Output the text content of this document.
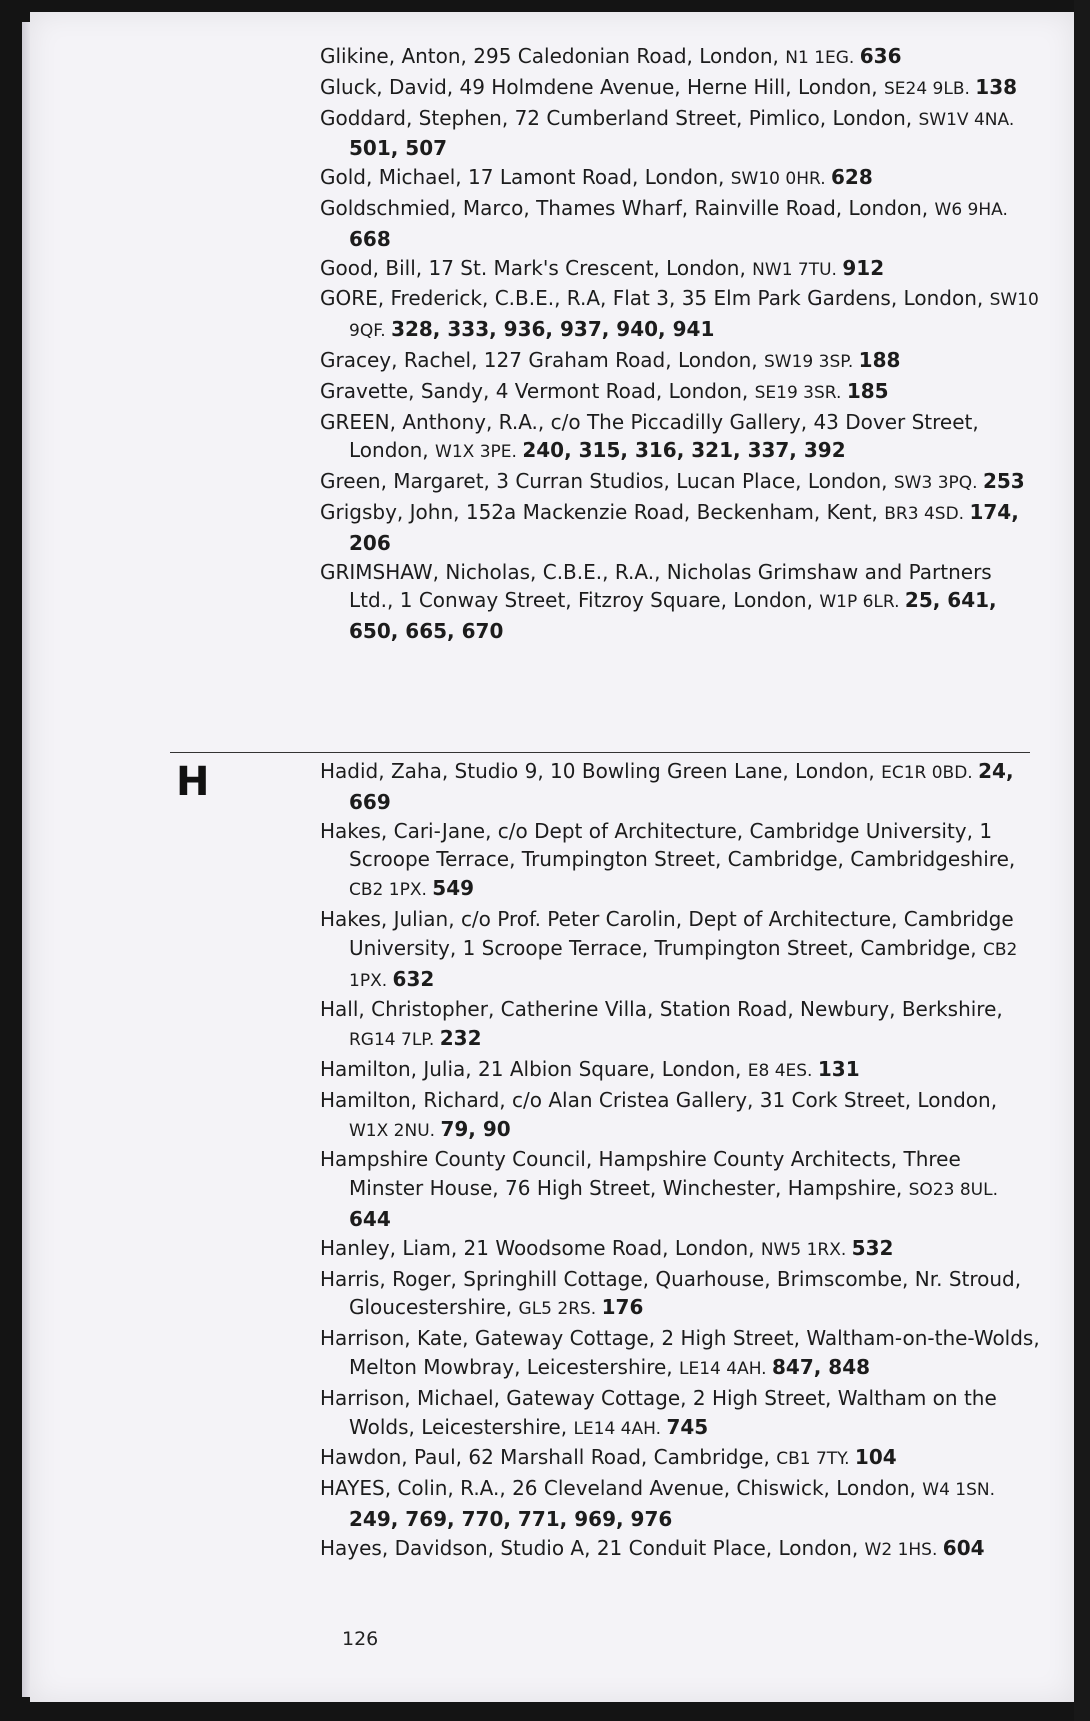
Glikine, Anton, 295 Caledonian Road, London, N1 1EG. 636
Gluck, David, 49 Holmdene Avenue, Herne Hill, London, SE24 9LB. 138
Goddard, Stephen, 72 Cumberland Street, Pimlico, London, SW1V 4NA. 501, 507
Gold, Michael, 17 Lamont Road, London, SW10 0HR. 628
Goldschmied, Marco, Thames Wharf, Rainville Road, London, W6 9HA. 668
Good, Bill, 17 St. Mark's Crescent, London, NW1 7TU. 912
GORE, Frederick, C.B.E., R.A, Flat 3, 35 Elm Park Gardens, London, SW10 9QF. 328, 333, 936, 937, 940, 941
Gracey, Rachel, 127 Graham Road, London, SW19 3SP. 188
Gravette, Sandy, 4 Vermont Road, London, SE19 3SR. 185
GREEN, Anthony, R.A., c/o The Piccadilly Gallery, 43 Dover Street, London, W1X 3PE. 240, 315, 316, 321, 337, 392
Green, Margaret, 3 Curran Studios, Lucan Place, London, SW3 3PQ. 253
Grigsby, John, 152a Mackenzie Road, Beckenham, Kent, BR3 4SD. 174, 206
GRIMSHAW, Nicholas, C.B.E., R.A., Nicholas Grimshaw and Partners Ltd., 1 Conway Street, Fitzroy Square, London, W1P 6LR. 25, 641, 650, 665, 670
H	Hadid, Zaha, Studio 9, 10 Bowling Green Lane, London, EC1R 0BD. 24, 669
Hakes, Cari-Jane, c/o Dept of Architecture, Cambridge University, 1 Scroope Terrace, Trumpington Street, Cambridge, Cambridgeshire, CB2 1PX. 549
Hakes, Julian, c/o Prof. Peter Carolin, Dept of Architecture, Cambridge University, 1 Scroope Terrace, Trumpington Street, Cambridge, CB2 1PX. 632
Hall, Christopher, Catherine Villa, Station Road, Newbury, Berkshire, RG14 7LP. 232
Hamilton, Julia, 21 Albion Square, London, E8 4ES. 131
Hamilton, Richard, c/o Alan Cristea Gallery, 31 Cork Street, London, W1X 2NU. 79, 90
Hampshire County Council, Hampshire County Architects, Three Minster House, 76 High Street, Winchester, Hampshire, SO23 8UL. 644
Hanley, Liam, 21 Woodsome Road, London, NW5 1RX. 532
Harris, Roger, Springhill Cottage, Quarhouse, Brimscombe, Nr. Stroud, Gloucestershire, GL5 2RS. 176
Harrison, Kate, Gateway Cottage, 2 High Street, Waltham-on-the-Wolds, Melton Mowbray, Leicestershire, LE14 4AH. 847, 848
Harrison, Michael, Gateway Cottage, 2 High Street, Waltham on the Wolds, Leicestershire, LE14 4AH. 745
Hawdon, Paul, 62 Marshall Road, Cambridge, CB1 7TY. 104
HAYES, Colin, R.A., 26 Cleveland Avenue, Chiswick, London, W4 1SN. 249, 769, 770, 771, 969, 976
Hayes, Davidson, Studio A, 21 Conduit Place, London, W2 1HS. 604
126
